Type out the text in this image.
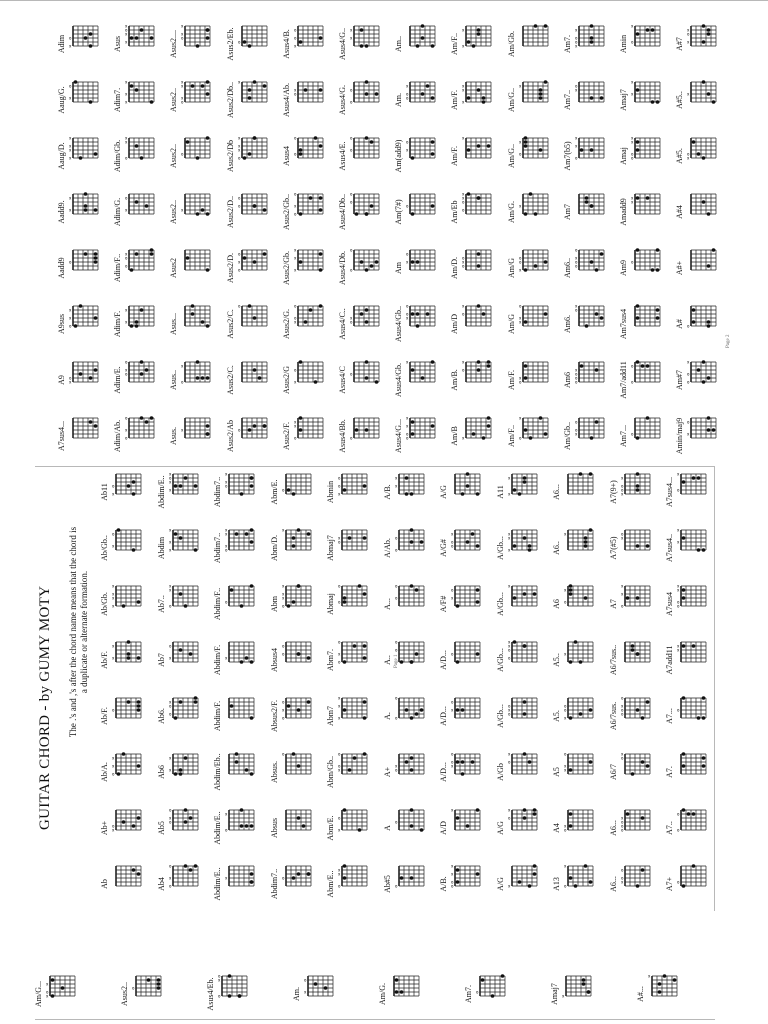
GUITAR CHORD - by GUMY MOTY The .'s and ,'s after the chord name means that the chord is a duplicate or alternate formation.	Page 1
Page 2
Ab
Ab+ o
x
Ab/A.
x
x
o
Ab/F. o
Ab/F.
x
x
Ab/Gb.
x
x
x
x
Ab/Gb..
o
x
Ab11 o
x
Ab4
o
x
o
Ab5
o
x
o
Ab6
x
x
Ab6.
x
o
o
Ab7
o
x
Ab7..
x
x
o
Abdim
x
x
x
Abdim/E..
x
o
x
x
Abdim/E.. x
Abdim/E.. x
o
Abdim/Eb..
Abdim/F.
Abdim/F. x
Abdim/F.. o
Abdim7..
x
x
x
o
Abdim7..
x
x
o
Abdim7.. o
Absus
Absus.
o
Absus2/F. o
x
o
Absus4
o
o
Abm
x
x
x
o
Abm/D.
x
Abm/E. o
Abm/E..
x
x
o
Abm/E. o
x
Abm/Gb..
o
o
x
Abm7
x
x
x
Abm7.
o
x
o
Abmaj
o
o
Abmaj7 x
o
Abmin
o
o
x
Ab#5 o
A
o
A+
x
o
A.
o
o
A..
o
o
A...
o
o
A/Ab.
o
o
A/B.
x
x
A/B.
x
x
o
o
A/D
x
A/D...
o
o
x
A/D...
o
x
A/D... o
A/F#
o
x
A/G#
x
o
o
A/G
A/G x
A/G
x
o
A/Gb
x
o
A/Gb... o
x
o
A/Gb...
x
x
o
o
A/Gb...
x
A/Gb...
x
x
x
A11
x
x
A13
x
o
A4 x
o
A5
o
x
x
A5.
o
o
x
A5.. x
A6
x
o
A6..
x
A6...
A6...
o
o
x
A6...
x
o
o
o
A6/7
x
o
A6/7sus.
o
x
o
o
A6/7sus..
A7
x
x
o
A7(#5)
o
x
A7(9+)
x
o
o
x
A7+ o
A7..
o
o
A7.
A7... o
A7add11 x
x
A7sus4
x
x
o
o
A7sus4..
x
x
A7sus4...
x
o
A7sus4...
A9 o
x
A9sus
x
x
o
Aadd9 o
Aadd9.
x
x
Aaug/D.
x
x
x
x
Aaug/G.
o
x
Adim o
x
Adim/Ab.
o
x
o
Adim/E.
o
x
o
Adim/F.
x
x
Adim/F.. x
o
o
Adim/G. o
x
Adim/Gb.
x
x
o
Adim7.
x
x
x
Asus
x
o
x
x
Asus. x
Asus..
x
o
Asus...
Asus2
Asus2.. x
Asus2.. o
Asus2..
x
x
x
o
Asus2....
x
x
o
Asus2/Ab o
Asus2/C.
Asus2/C.
o
Asus2/D. o
x
o
Asus2/D.. o
o
Asus2/Db
x
x
x
o
Asus2/Db.. x
Asus2/Eb. o
Asus2/F. x
x
o
Asus2/G o
x
Asus2/G.
o
o
x
Asus2/Gb.
x
x
x
Asus2/Gb.. o
x
o
Asus4
o
o
Asus4/Ab. x
o
Asus4/B. o
o
x
Asus4/Bb. o
Asus4/C o
Asus4/C.. x
o
Asus4/Db.
o
o
Asus4/Db.. o
o
Asus4/E.
o
o
Asus4/G. o
o
Asus4/G.. x
x
Asus4/G...
x
x
o
o
Asus4/Gb.
x
Asus4/Gb.. o
o
x
Am
o
x
Am(7#) o
Am(add9) o
x
Am.
x
o
o
Am..
Am/B x
Am/B.
x
o
Am/D
x
o
Am/D. o
x
o
Am/Eb
x
x
o
o
Am/F.
x
Am/F.
x
x
x
Am/F..
x
x
Am/F..
x
o
Am/F. x
o
Am/G
o
x
x
Am/G o
o
x
Am/G. x
Am/G..
x
o
Am/G..
x
Am/Gb.
Am/Gb.. o
o
x
Am6
x
o
o
o
Am6.
x
o
Am6..
o
x
o
o
Am7
Am7(b5)
x
x
o
Am7..
o
x
Am7.
x
o
o
x
Am7... o
Am7/add11 o
o
Am7sus4
Am9 o
Amadd9
x
x
Amaj
x
x
o
o
Amaj7
x
x
Amin
x
o
Amin/maj9 o
x
Am#7
x
o
o
A# o
A#+
A#4
A#5. o
x
A#5.. x
A#7
x
o
x
Am/G... x
o
x	Asus2.. o	Asus4/Eb.
o
x
o	Am.
o
x	Am/G.	Am7. o	Amaj7 x	A#...
x
